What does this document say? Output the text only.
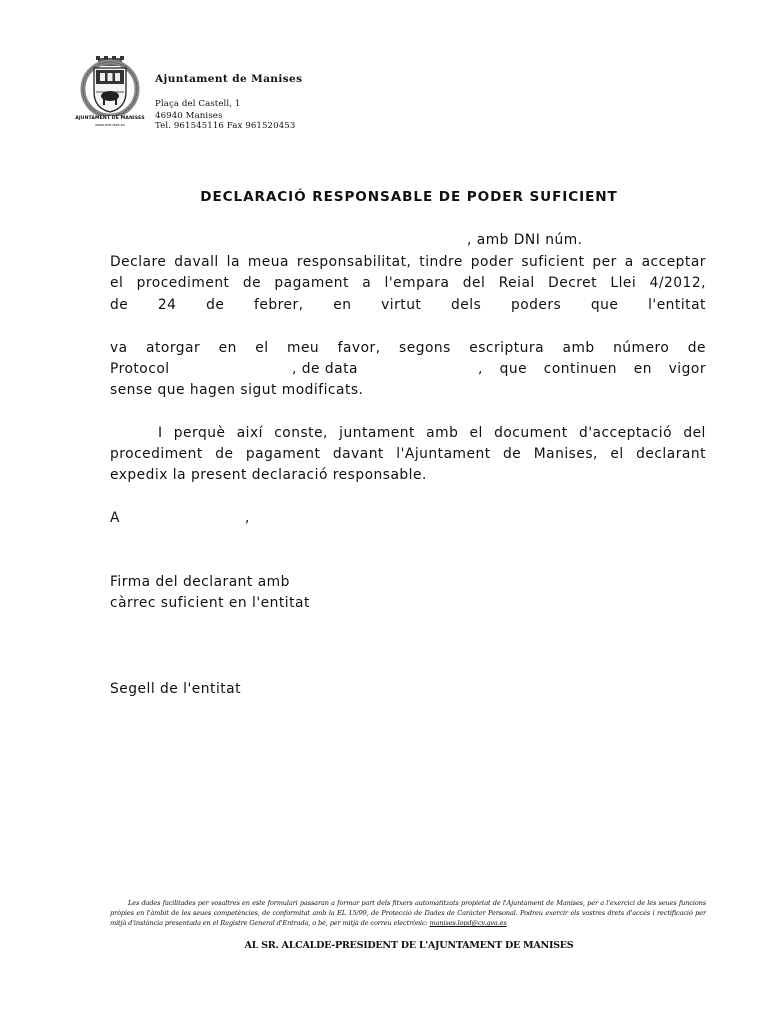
AJUNTAMENT DE MANISES
www.manises.es
Ajuntament de Manises
Plaça del Castell, 1
46940 Manises
Tel. 961545116 Fax 961520453
DECLARACIÓ RESPONSABLE DE PODER SUFICIENT
, amb DNI núm.
Declare davall la meua responsabilitat, tindre poder suficient per a acceptar
el procediment de pagament a l'empara del Reial Decret Llei 4/2012,
de 24 de febrer, en virtut dels poders que l'entitat
va atorgar en el meu favor, segons escriptura amb número de
Protocol	, de data	, que continuen en vigor
sense que hagen sigut modificats.
I perquè així conste, juntament amb el document d'acceptació del
procediment de pagament davant l'Ajuntament de Manises, el declarant
expedix la present declaració responsable.
A	,
Firma del declarant amb
càrrec suficient en l'entitat
Segell de l'entitat
Les dades facilitades per vosaltres en este formulari passaran a formar part dels fitxers automatitzats propietat de l'Ajuntament de Manises, per a l'exercici de les seues funcions pròpies en l'àmbit de les seues competències, de conformitat amb la EL 15/99, de Protecció de Dades de Caràcter Personal. Podreu exercir els vostres drets d'accés i rectificació per mitjà d'instància presentada en el Registre General d'Entrada, o bé, per mitjà de correu electrònic: manises.lopd@cv.gva.es
AL SR. ALCALDE-PRESIDENT DE L'AJUNTAMENT DE MANISES
